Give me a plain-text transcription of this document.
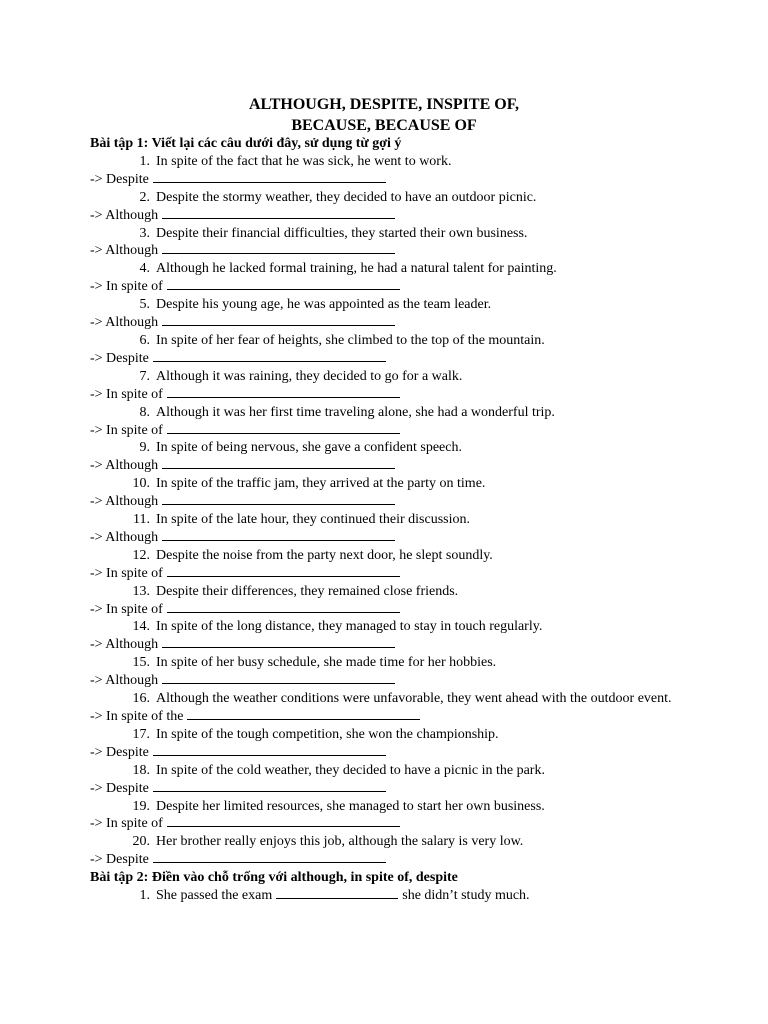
ALTHOUGH, DESPITE, INSPITE OF,
BECAUSE, BECAUSE OF
Bài tập 1: Viết lại các câu dưới đây, sử dụng từ gợi ý
1. In spite of the fact that he was sick, he went to work.
-> Despite
2. Despite the stormy weather, they decided to have an outdoor picnic.
-> Although
3. Despite their financial difficulties, they started their own business.
-> Although
4. Although he lacked formal training, he had a natural talent for painting.
-> In spite of
5. Despite his young age, he was appointed as the team leader.
-> Although
6. In spite of her fear of heights, she climbed to the top of the mountain.
-> Despite
7. Although it was raining, they decided to go for a walk.
-> In spite of
8. Although it was her first time traveling alone, she had a wonderful trip.
-> In spite of
9. In spite of being nervous, she gave a confident speech.
-> Although
10. In spite of the traffic jam, they arrived at the party on time.
-> Although
11. In spite of the late hour, they continued their discussion.
-> Although
12. Despite the noise from the party next door, he slept soundly.
-> In spite of
13. Despite their differences, they remained close friends.
-> In spite of
14. In spite of the long distance, they managed to stay in touch regularly.
-> Although
15. In spite of her busy schedule, she made time for her hobbies.
-> Although
16. Although the weather conditions were unfavorable, they went ahead with the outdoor event.
-> In spite of the
17. In spite of the tough competition, she won the championship.
-> Despite
18. In spite of the cold weather, they decided to have a picnic in the park.
-> Despite
19. Despite her limited resources, she managed to start her own business.
-> In spite of
20. Her brother really enjoys this job, although the salary is very low.
-> Despite
Bài tập 2: Điền vào chỗ trống với although, in spite of, despite
1. She passed the exam	she didn’t study much.
